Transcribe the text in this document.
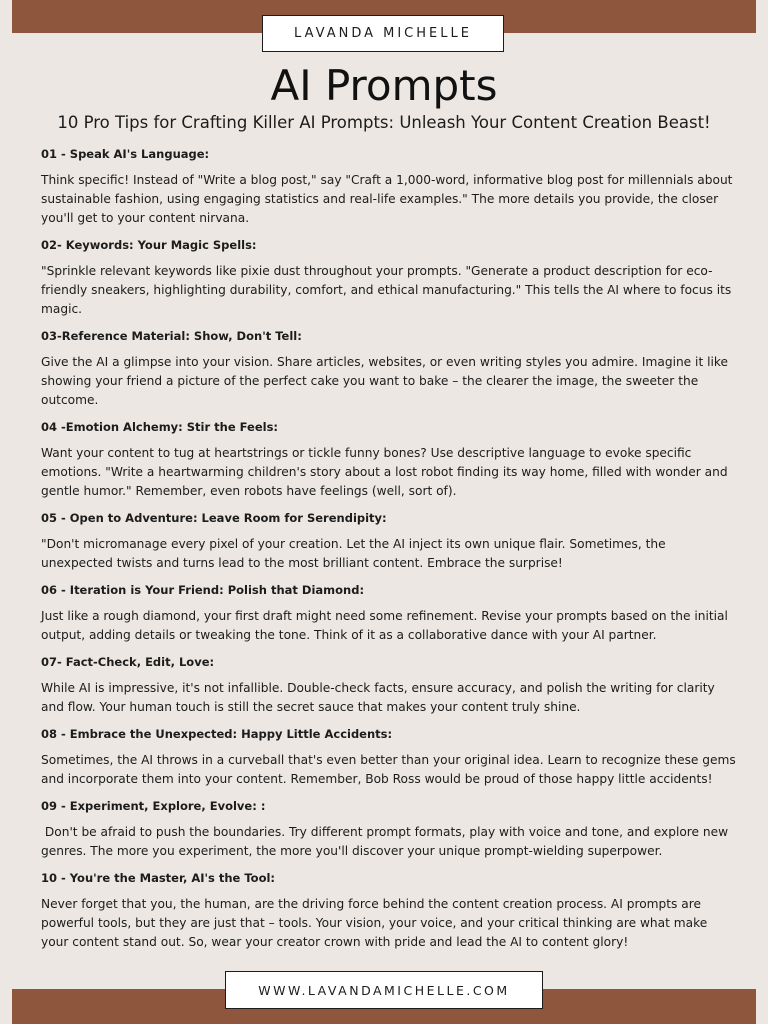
LAVANDA MICHELLE
AI Prompts
10 Pro Tips for Crafting Killer AI Prompts: Unleash Your Content Creation Beast!

01 - Speak AI's Language:

Think specific! Instead of "Write a blog post," say "Craft a 1,000-word, informative blog post for millennials about sustainable fashion, using engaging statistics and real-life examples." The more details you provide, the closer you'll get to your content nirvana.

02- Keywords: Your Magic Spells:

"Sprinkle relevant keywords like pixie dust throughout your prompts. "Generate a product description for eco-friendly sneakers, highlighting durability, comfort, and ethical manufacturing." This tells the AI where to focus its magic.

03-Reference Material: Show, Don't Tell:

Give the AI a glimpse into your vision. Share articles, websites, or even writing styles you admire. Imagine it like showing your friend a picture of the perfect cake you want to bake – the clearer the image, the sweeter the outcome.

04 -Emotion Alchemy: Stir the Feels:

Want your content to tug at heartstrings or tickle funny bones? Use descriptive language to evoke specific emotions. "Write a heartwarming children's story about a lost robot finding its way home, filled with wonder and gentle humor." Remember, even robots have feelings (well, sort of).

05 - Open to Adventure: Leave Room for Serendipity:

"Don't micromanage every pixel of your creation. Let the AI inject its own unique flair. Sometimes, the unexpected twists and turns lead to the most brilliant content. Embrace the surprise!

06 - Iteration is Your Friend: Polish that Diamond:

Just like a rough diamond, your first draft might need some refinement. Revise your prompts based on the initial output, adding details or tweaking the tone. Think of it as a collaborative dance with your AI partner.

07- Fact-Check, Edit, Love:

While AI is impressive, it's not infallible. Double-check facts, ensure accuracy, and polish the writing for clarity and flow. Your human touch is still the secret sauce that makes your content truly shine.

08 - Embrace the Unexpected: Happy Little Accidents:

Sometimes, the AI throws in a curveball that's even better than your original idea. Learn to recognize these gems and incorporate them into your content. Remember, Bob Ross would be proud of those happy little accidents!

09 - Experiment, Explore, Evolve: :

Don't be afraid to push the boundaries. Try different prompt formats, play with voice and tone, and explore new genres. The more you experiment, the more you'll discover your unique prompt-wielding superpower.

10 - You're the Master, AI's the Tool:

Never forget that you, the human, are the driving force behind the content creation process. AI prompts are powerful tools, but they are just that – tools. Your vision, your voice, and your critical thinking are what make your content stand out. So, wear your creator crown with pride and lead the AI to content glory!

WWW.LAVANDAMICHELLE.COM
